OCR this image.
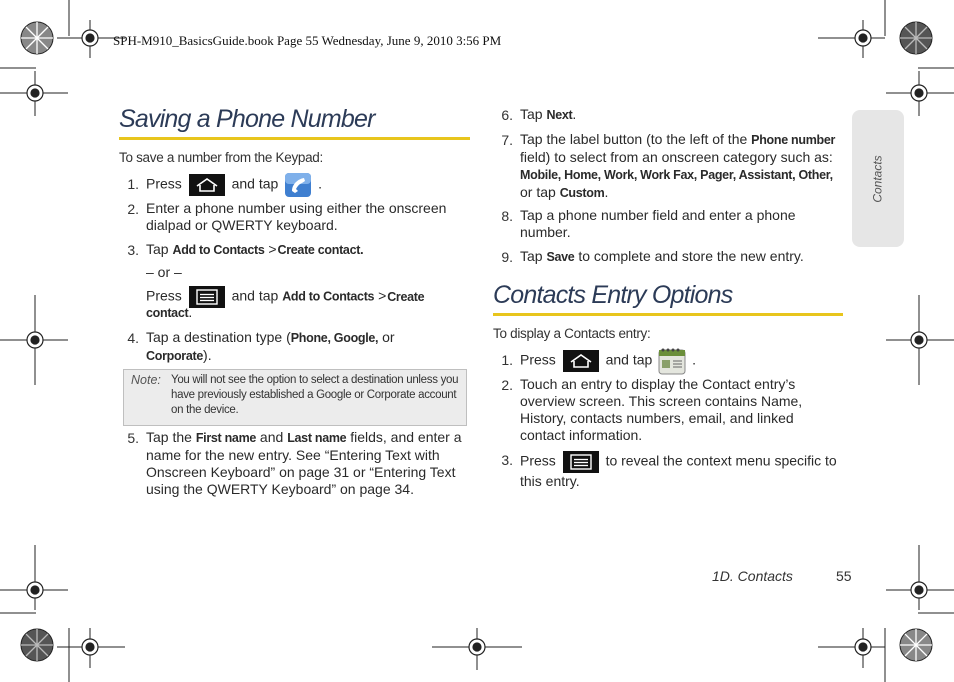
SPH-M910_BasicsGuide.book Page 55 Wednesday, June 9, 2010 3:56 PM
Contacts
Saving a Phone Number
To save a number from the Keypad:
1. Press	and tap	.
2. Enter a phone number using either the onscreen dialpad or QWERTY keyboard.
3. Tap Add to Contacts > Create contact.
– or –
Press	and tap Add to Contacts > Create
contact.
4. Tap a destination type (Phone, Google, or
Corporate).
Note: You will not see the option to select a destination unless you have previously established a Google or Corporate account on the device.
5. Tap the First name and Last name fields, and enter a name for the new entry. See “Entering Text with Onscreen Keyboard” on page 31 or “Entering Text using the QWERTY Keyboard” on page 34.
6. Tap Next.
7. Tap the label button (to the left of the Phone number field) to select from an onscreen category such as: Mobile, Home, Work, Work Fax, Pager, Assistant, Other, or tap Custom.
8. Tap a phone number field and enter a phone number.
9. Tap Save to complete and store the new entry.
Contacts Entry Options
To display a Contacts entry:
1. Press	and tap	.
2. Touch an entry to display the Contact entry’s overview screen. This screen contains Name, History, contacts numbers, email, and linked contact information.
3. Press	to reveal the context menu specific to this entry.
1D. Contacts	55
